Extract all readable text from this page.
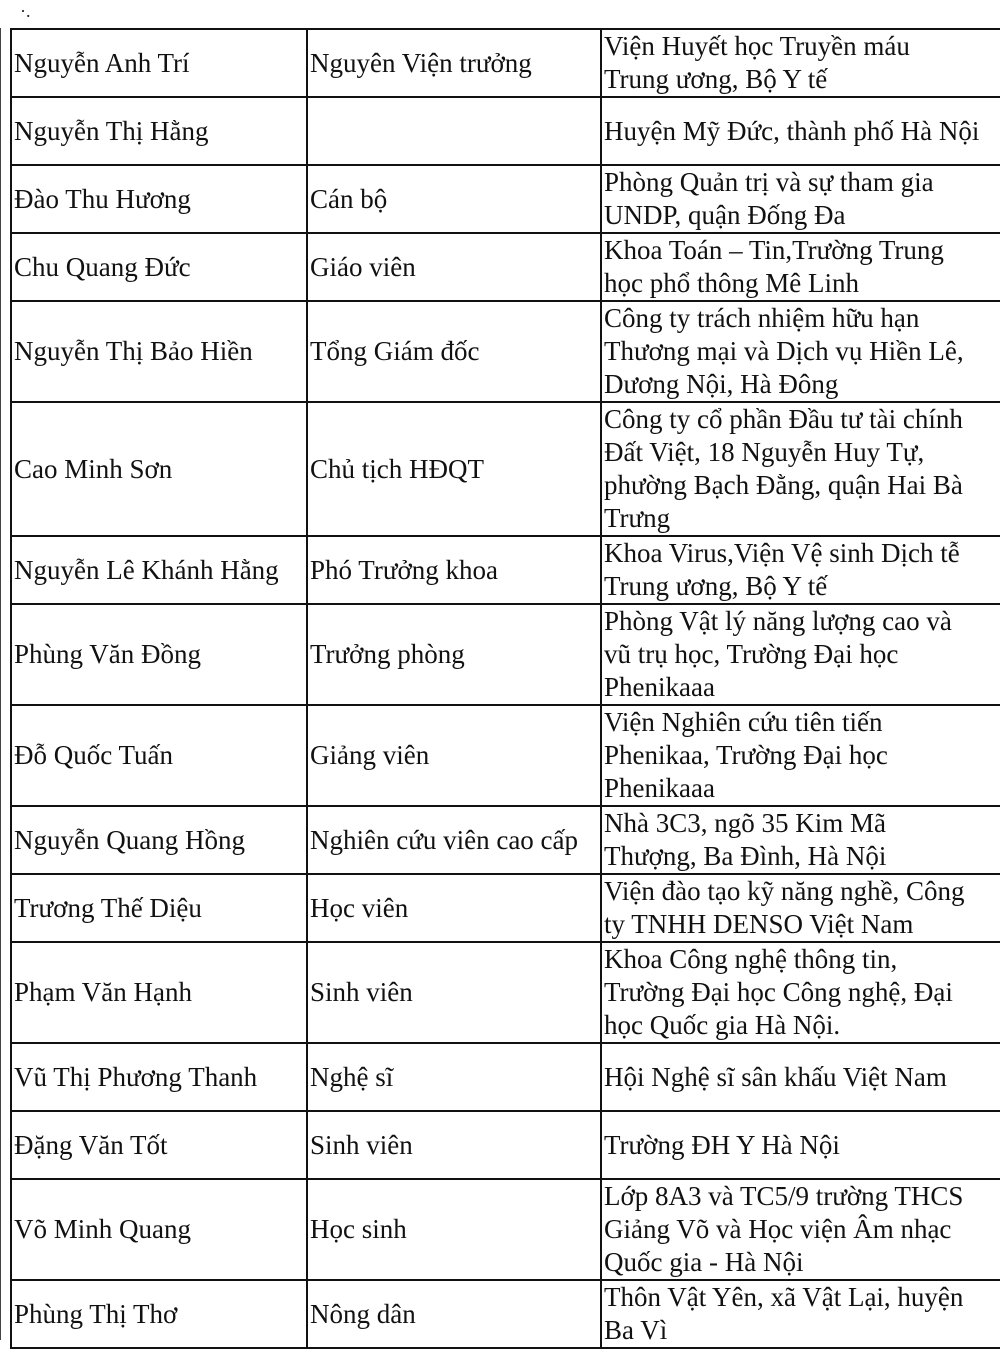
·.
Nguyễn Anh Trí	Nguyên Viện trưởng	Viện Huyết học Truyền máu
Trung ương, Bộ Y tế

Nguyễn Thị Hằng		Huyện Mỹ Đức, thành phố Hà Nội

Đào Thu Hương	Cán bộ	Phòng Quản trị và sự tham gia
UNDP, quận Đống Đa

Chu Quang Đức	Giáo viên	Khoa Toán – Tin,Trường Trung
học phổ thông Mê Linh

Nguyễn Thị Bảo Hiền	Tổng Giám đốc	Công ty trách nhiệm hữu hạn
Thương mại và Dịch vụ Hiền Lê,
Dương Nội, Hà Đông

Cao Minh Sơn	Chủ tịch HĐQT	Công ty cổ phần Đầu tư tài chính
Đất Việt, 18 Nguyễn Huy Tự,
phường Bạch Đằng, quận Hai Bà
Trưng

Nguyễn Lê Khánh Hằng	Phó Trưởng khoa	Khoa Virus,Viện Vệ sinh Dịch tễ
Trung ương, Bộ Y tế

Phùng Văn Đồng	Trưởng phòng	Phòng Vật lý năng lượng cao và
vũ trụ học, Trường Đại học
Phenikaaa

Đỗ Quốc Tuấn	Giảng viên	Viện Nghiên cứu tiên tiến
Phenikaa, Trường Đại học
Phenikaaa

Nguyễn Quang Hồng	Nghiên cứu viên cao cấp	Nhà 3C3, ngõ 35 Kim Mã
Thượng, Ba Đình, Hà Nội

Trương Thế Diệu	Học viên	Viện đào tạo kỹ năng nghề, Công
ty TNHH DENSO Việt Nam

Phạm Văn Hạnh	Sinh viên	Khoa Công nghệ thông tin,
Trường Đại học Công nghệ, Đại
học Quốc gia Hà Nội.

Vũ Thị Phương Thanh	Nghệ sĩ	Hội Nghệ sĩ sân khấu Việt Nam

Đặng Văn Tốt	Sinh viên	Trường ĐH Y Hà Nội

Võ Minh Quang	Học sinh	Lớp 8A3 và TC5/9 trường THCS
Giảng Võ và Học viện Âm nhạc
Quốc gia - Hà Nội

Phùng Thị Thơ	Nông dân	Thôn Vật Yên, xã Vật Lại, huyện
Ba Vì
